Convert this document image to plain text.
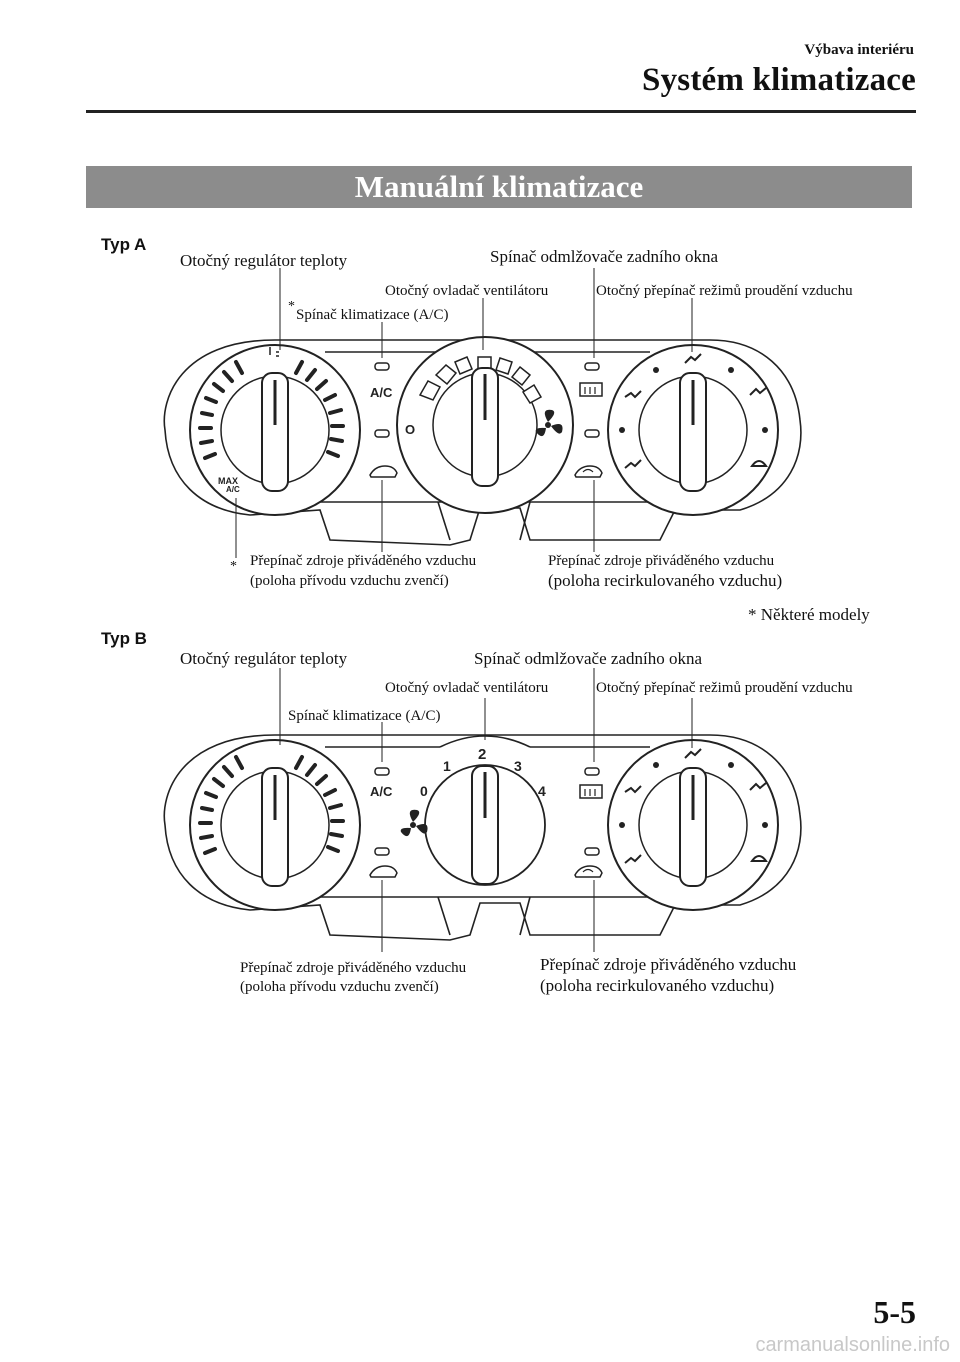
Výbava interiéru
Systém klimatizace
Manuální klimatizace
Typ A
MAX
A/C
A/C
O
Otočný regulátor teploty	Spínač odmlžovače zadního okna
Otočný ovladač ventilátoru	Otočný přepínač režimů proudění vzduchu
*
Spínač klimatizace (A/C)
* Přepínač zdroje přiváděného vzduchu
(poloha přívodu vzduchu zvenčí)
Přepínač zdroje přiváděného vzduchu
(poloha recirkulovaného vzduchu)
* Některé modely
Typ B
A/C 0
1
2
3
4
Otočný regulátor teploty	Spínač odmlžovače zadního okna
Otočný ovladač ventilátoru	Otočný přepínač režimů proudění vzduchu
Spínač klimatizace (A/C)
Přepínač zdroje přiváděného vzduchu
(poloha přívodu vzduchu zvenčí)
Přepínač zdroje přiváděného vzduchu
(poloha recirkulovaného vzduchu)
5-5
carmanualsonline.info
